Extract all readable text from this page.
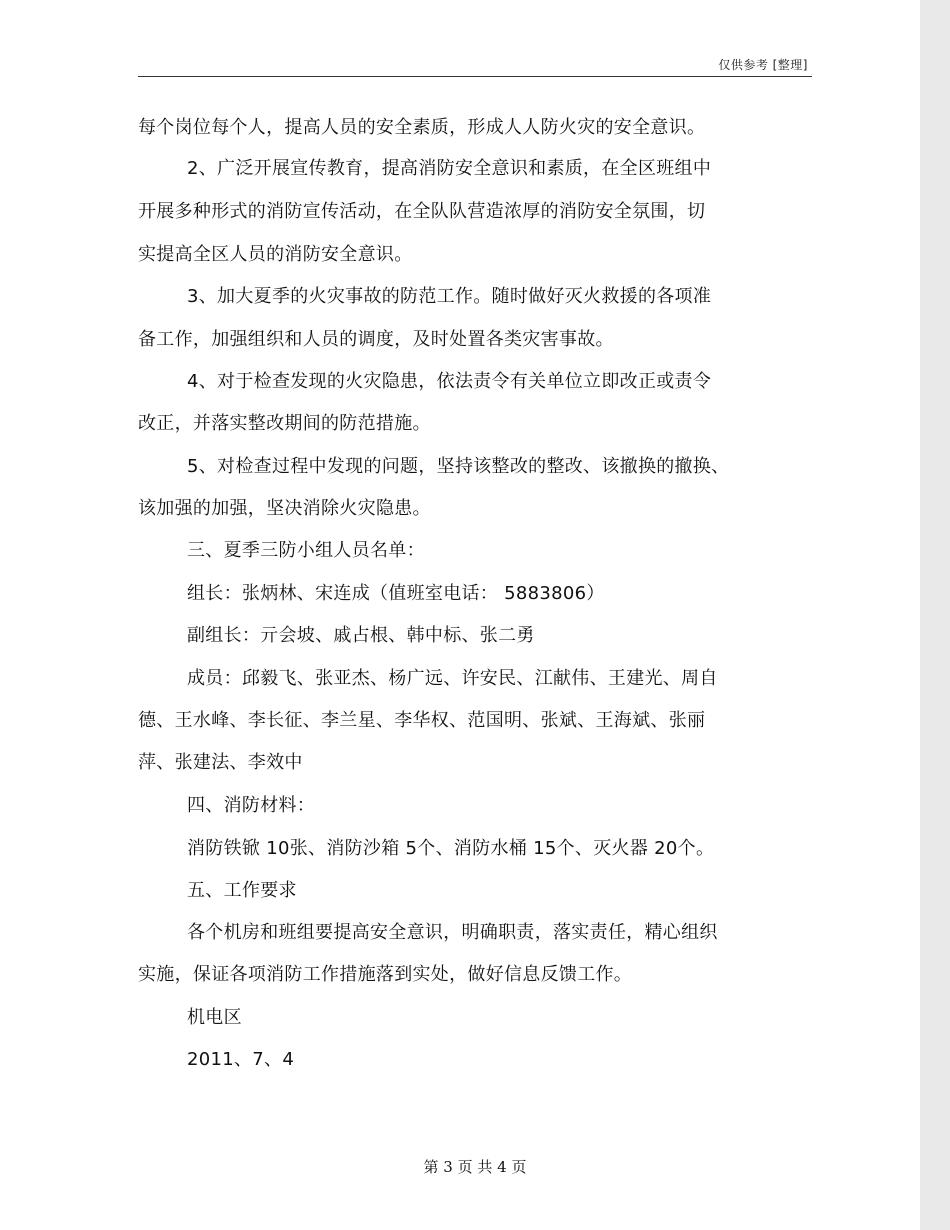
仅供参考 [整理]
每个岗位每个人，提高人员的安全素质，形成人人防火灾的安全意识。
2、广泛开展宣传教育，提高消防安全意识和素质，在全区班组中
开展多种形式的消防宣传活动，在全队队营造浓厚的消防安全氛围，切
实提高全区人员的消防安全意识。
3、加大夏季的火灾事故的防范工作。随时做好灭火救援的各项准
备工作，加强组织和人员的调度，及时处置各类灾害事故。
4、对于检查发现的火灾隐患，依法责令有关单位立即改正或责令
改正，并落实整改期间的防范措施。
5、对检查过程中发现的问题，坚持该整改的整改、该撤换的撤换、
该加强的加强，坚决消除火灾隐患。
三、夏季三防小组人员名单：
组长：张炳林、宋连成（值班室电话： 5883806）
副组长：亓会坡、戚占根、韩中标、张二勇
成员：邱毅飞、张亚杰、杨广远、许安民、江献伟、王建光、周自
德、王水峰、李长征、李兰星、李华权、范国明、张斌、王海斌、张丽
萍、张建法、李效中
四、消防材料：
消防铁锨 10张、消防沙箱 5个、消防水桶 15个、灭火器 20个。
五、工作要求
各个机房和班组要提高安全意识，明确职责，落实责任，精心组织
实施，保证各项消防工作措施落到实处，做好信息反馈工作。
机电区
2011、7、4
第 3 页 共 4 页
